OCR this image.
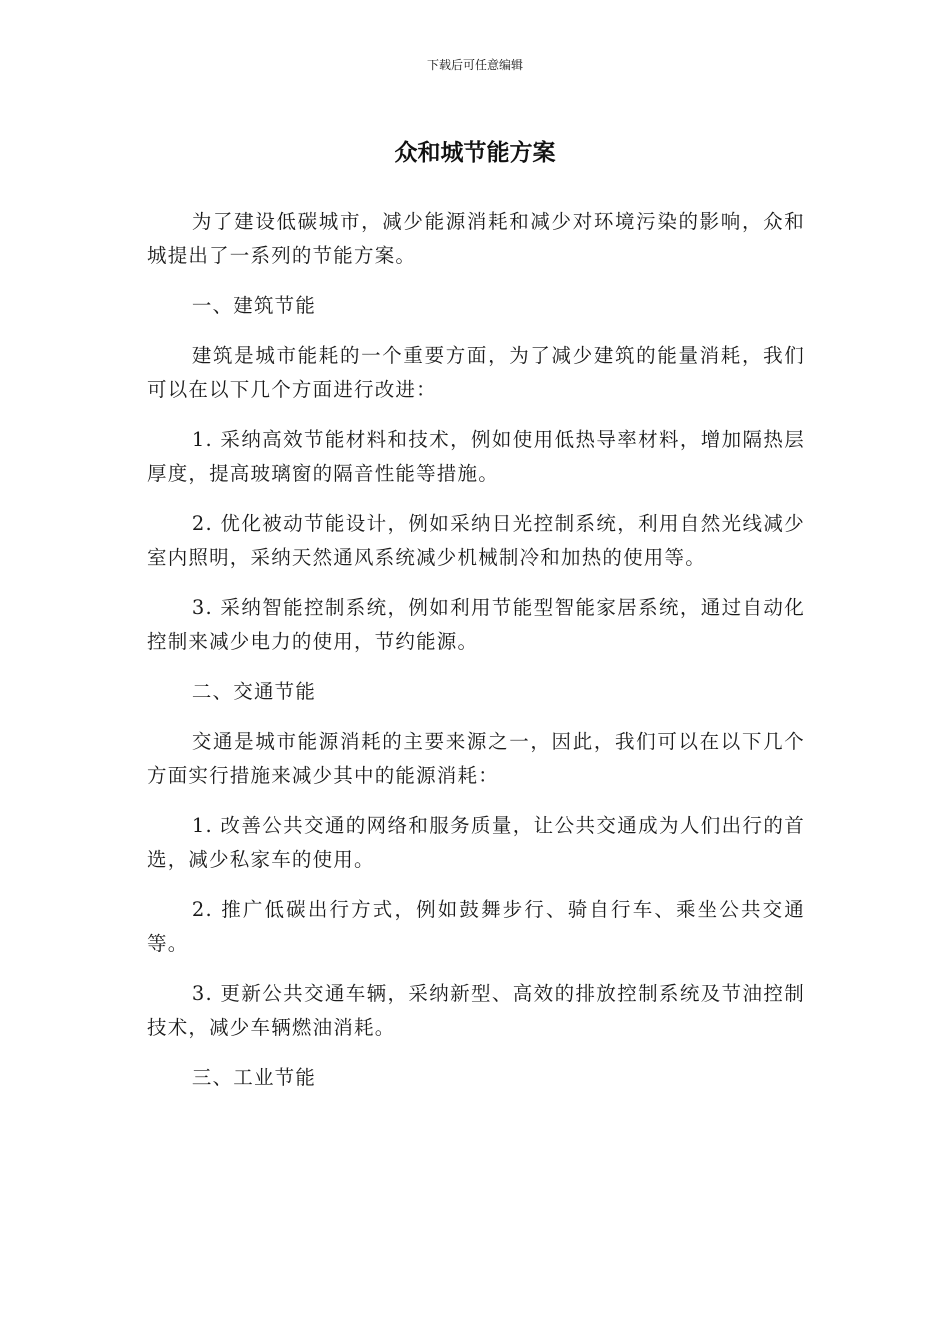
下载后可任意编辑
众和城节能方案

为了建设低碳城市，减少能源消耗和减少对环境污染的影响，众和城提出了一系列的节能方案。

一、建筑节能

建筑是城市能耗的一个重要方面，为了减少建筑的能量消耗，我们可以在以下几个方面进行改进：

1. 采纳高效节能材料和技术，例如使用低热导率材料，增加隔热层厚度，提高玻璃窗的隔音性能等措施。

2. 优化被动节能设计，例如采纳日光控制系统，利用自然光线减少室内照明，采纳天然通风系统减少机械制冷和加热的使用等。

3. 采纳智能控制系统，例如利用节能型智能家居系统，通过自动化控制来减少电力的使用，节约能源。

二、交通节能

交通是城市能源消耗的主要来源之一，因此，我们可以在以下几个方面实行措施来减少其中的能源消耗：

1. 改善公共交通的网络和服务质量，让公共交通成为人们出行的首选，减少私家车的使用。

2. 推广低碳出行方式，例如鼓舞步行、骑自行车、乘坐公共交通等。

3. 更新公共交通车辆，采纳新型、高效的排放控制系统及节油控制技术，减少车辆燃油消耗。

三、工业节能
